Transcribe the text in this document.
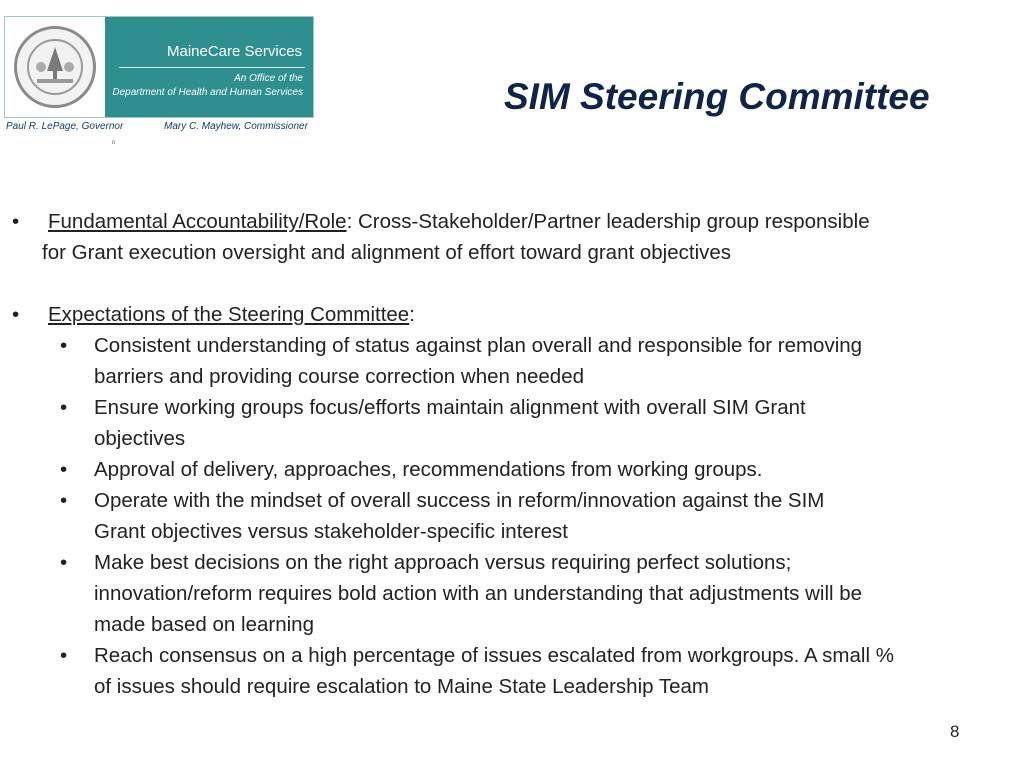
MaineCare Services
An Office of the
Department of Health and Human Services
Paul R. LePage, Governor	Mary C. Mayhew, Commissioner
n
SIM Steering Committee
• Fundamental Accountability/Role: Cross-Stakeholder/Partner leadership group responsible
for Grant execution oversight and alignment of effort toward grant objectives
• Expectations of the Steering Committee:
• Consistent understanding of status against plan overall and responsible for removing
barriers and providing course correction when needed
• Ensure working groups focus/efforts maintain alignment with overall SIM Grant
objectives
• Approval of delivery, approaches, recommendations from working groups.
• Operate with the mindset of overall success in reform/innovation against the SIM
Grant objectives versus stakeholder-specific interest
• Make best decisions on the right approach versus requiring perfect solutions;
innovation/reform requires bold action with an understanding that adjustments will be
made based on learning
• Reach consensus on a high percentage of issues escalated from workgroups. A small %
of issues should require escalation to Maine State Leadership Team
8
